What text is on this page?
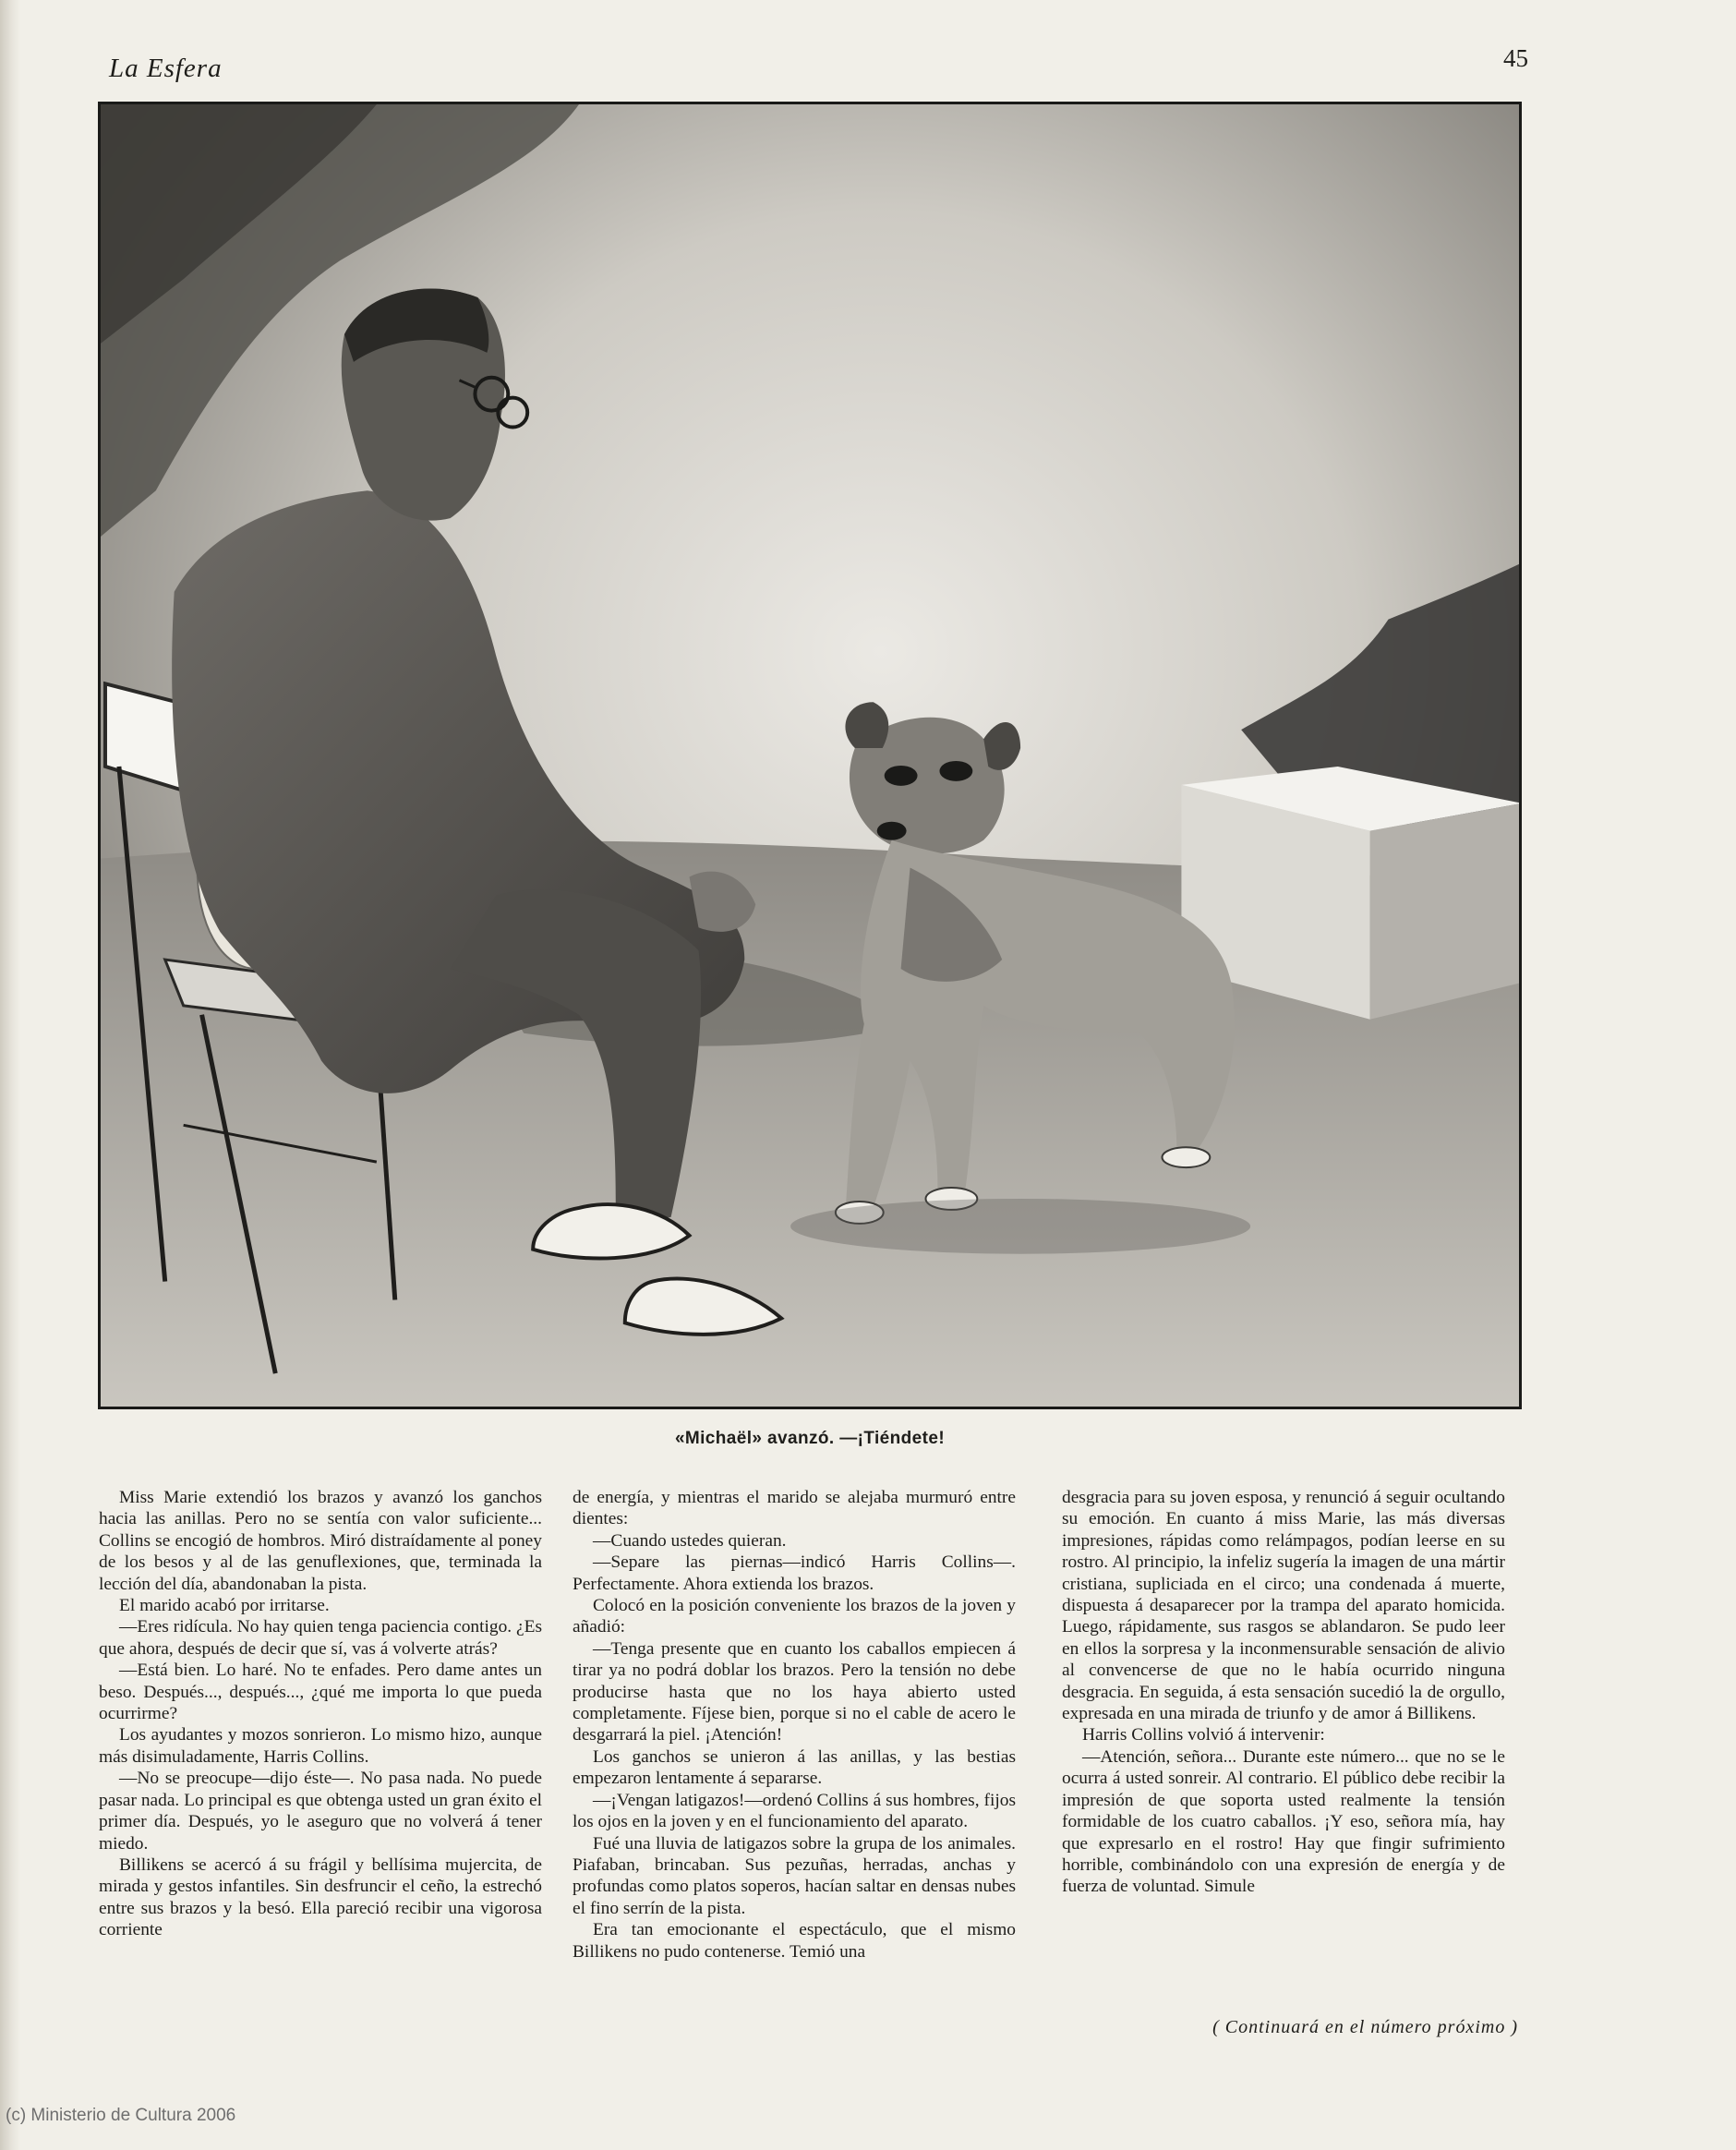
La Esfera	45
«Michaël» avanzó. —¡Tiéndete!

Miss Marie extendió los brazos y avanzó los ganchos hacia las anillas. Pero no se sentía con valor suficiente... Collins se encogió de hombros. Miró distraídamente al poney de los besos y al de las genuflexiones, que, terminada la lección del día, abandonaban la pista.

El marido acabó por irritarse.

—Eres ridícula. No hay quien tenga paciencia contigo. ¿Es que ahora, después de decir que sí, vas á volverte atrás?

—Está bien. Lo haré. No te enfades. Pero dame antes un beso. Después..., después..., ¿qué me importa lo que pueda ocurrirme?

Los ayudantes y mozos sonrieron. Lo mismo hizo, aunque más disimuladamente, Harris Collins.

—No se preocupe—dijo éste—. No pasa nada. No puede pasar nada. Lo principal es que obtenga usted un gran éxito el primer día. Después, yo le aseguro que no volverá á tener miedo.

Billikens se acercó á su frágil y bellísima mujercita, de mirada y gestos infantiles. Sin desfruncir el ceño, la estrechó entre sus brazos y la besó. Ella pareció recibir una vigorosa corriente

de energía, y mientras el marido se alejaba murmuró entre dientes:

—Cuando ustedes quieran.

—Separe las piernas—indicó Harris Collins—. Perfectamente. Ahora extienda los brazos.

Colocó en la posición conveniente los brazos de la joven y añadió:

—Tenga presente que en cuanto los caballos empiecen á tirar ya no podrá doblar los brazos. Pero la tensión no debe producirse hasta que no los haya abierto usted completamente. Fíjese bien, porque si no el cable de acero le desgarrará la piel. ¡Atención!

Los ganchos se unieron á las anillas, y las bestias empezaron lentamente á separarse.

—¡Vengan latigazos!—ordenó Collins á sus hombres, fijos los ojos en la joven y en el funcionamiento del aparato.

Fué una lluvia de latigazos sobre la grupa de los animales. Piafaban, brincaban. Sus pezuñas, herradas, anchas y profundas como platos soperos, hacían saltar en densas nubes el fino serrín de la pista.

Era tan emocionante el espectáculo, que el mismo Billikens no pudo contenerse. Temió una

desgracia para su joven esposa, y renunció á seguir ocultando su emoción. En cuanto á miss Marie, las más diversas impresiones, rápidas como relámpagos, podían leerse en su rostro. Al principio, la infeliz sugería la imagen de una mártir cristiana, supliciada en el circo; una condenada á muerte, dispuesta á desaparecer por la trampa del aparato homicida. Luego, rápidamente, sus rasgos se ablandaron. Se pudo leer en ellos la sorpresa y la inconmensurable sensación de alivio al convencerse de que no le había ocurrido ninguna desgracia. En seguida, á esta sensación sucedió la de orgullo, expresada en una mirada de triunfo y de amor á Billikens.

Harris Collins volvió á intervenir:

—Atención, señora... Durante este número... que no se le ocurra á usted sonreir. Al contrario. El público debe recibir la impresión de que soporta usted realmente la tensión formidable de los cuatro caballos. ¡Y eso, señora mía, hay que expresarlo en el rostro! Hay que fingir sufrimiento horrible, combinándolo con una expresión de energía y de fuerza de voluntad. Simule

( Continuará en el número próximo )
(c) Ministerio de Cultura 2006
